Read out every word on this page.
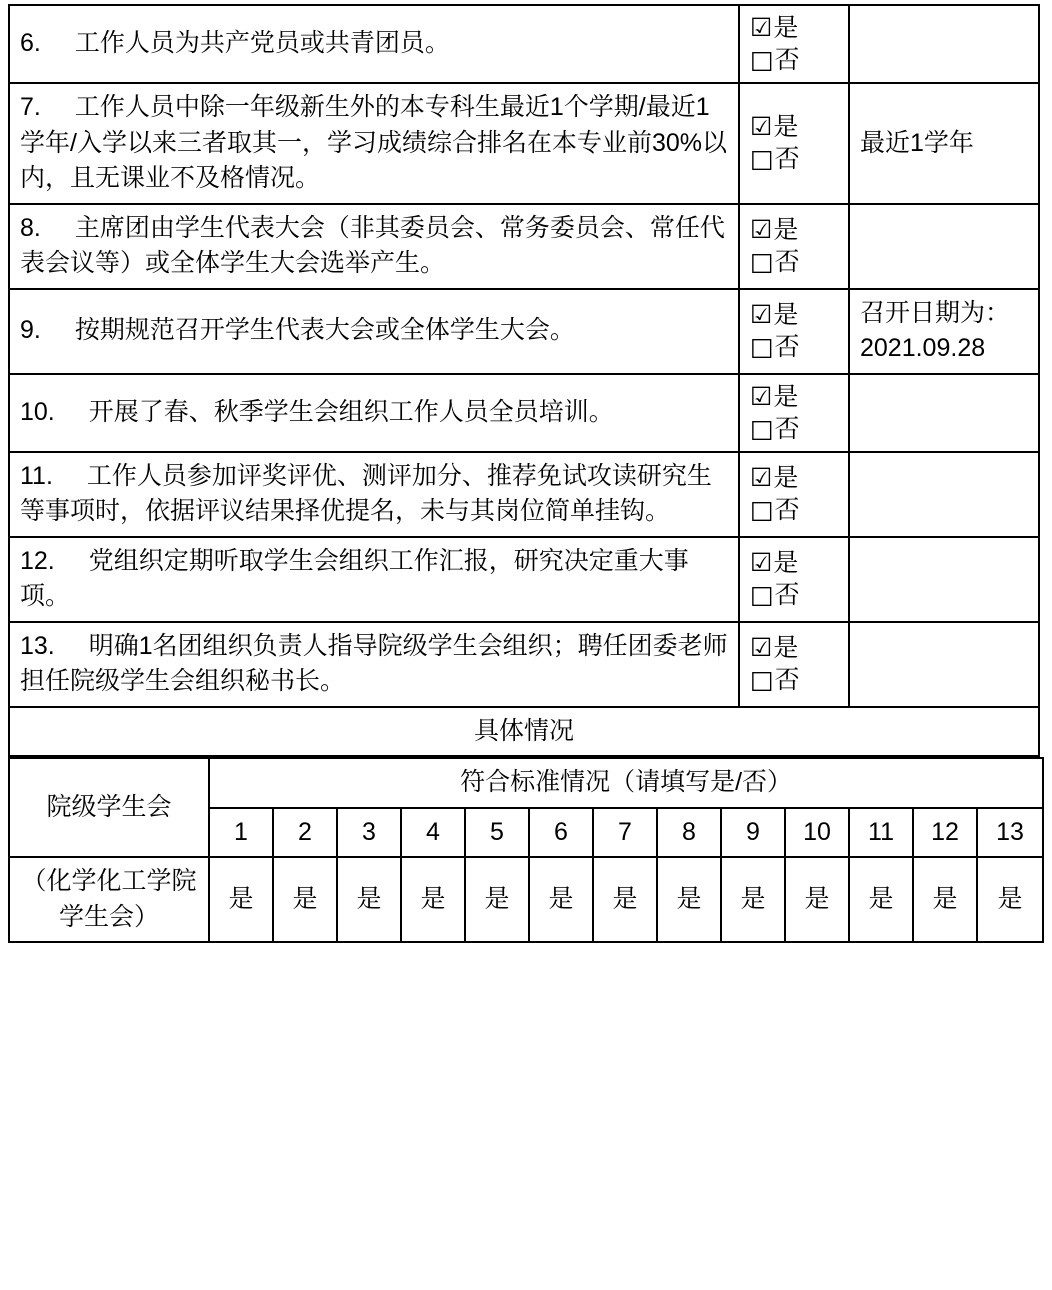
6. 工作人员为共产党员或共青团员。	☑是
□否	

7. 工作人员中除一年级新生外的本专科生最近1个学期/最近1学年/入学以来三者取其一，学习成绩综合排名在本专业前30%以内，且无课业不及格情况。	☑是
□否	最近1学年

8. 主席团由学生代表大会（非其委员会、常务委员会、常任代表会议等）或全体学生大会选举产生。	☑是
□否	

9. 按期规范召开学生代表大会或全体学生大会。	☑是
□否	召开日期为：2021.09.28

10. 开展了春、秋季学生会组织工作人员全员培训。	☑是
□否	

11. 工作人员参加评奖评优、测评加分、推荐免试攻读研究生等事项时，依据评议结果择优提名，未与其岗位简单挂钩。	☑是
□否	

12. 党组织定期听取学生会组织工作汇报，研究决定重大事项。	☑是
□否	

13. 明确1名团组织负责人指导院级学生会组织；聘任团委老师担任院级学生会组织秘书长。	☑是
□否	

具体情况		
院级学生会	符合标准情况（请填写是/否）												
	1	2	3	4	5	6	7	8	9	10	11	12	13
（化学化工学院学生会）	是	是	是	是	是	是	是	是	是	是	是	是	是
